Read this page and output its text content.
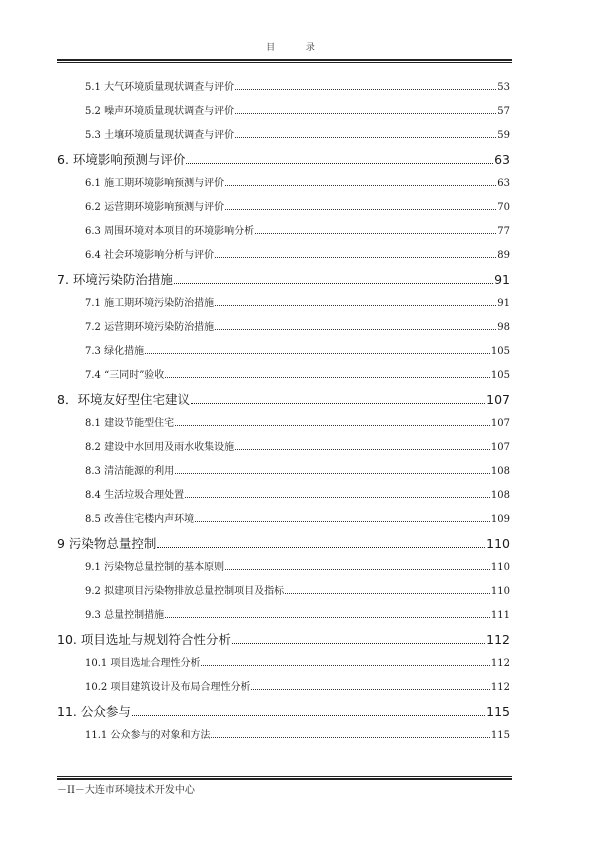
目 录
5.1 大气环境质量现状调查与评价	53
5.2 噪声环境质量现状调查与评价	57
5.3 土壤环境质量现状调查与评价	59
6. 环境影响预测与评价	63
6.1 施工期环境影响预测与评价	63
6.2 运营期环境影响预测与评价	70
6.3 周围环境对本项目的环境影响分析	77
6.4 社会环境影响分析与评价	89
7. 环境污染防治措施	91
7.1 施工期环境污染防治措施	91
7.2 运营期环境污染防治措施	98
7.3 绿化措施	105
7.4 “三同时”验收	105
8．环境友好型住宅建议	107
8.1 建设节能型住宅	107
8.2 建设中水回用及雨水收集设施	107
8.3 清洁能源的利用	108
8.4 生活垃圾合理处置	108
8.5 改善住宅楼内声环境	109
9 污染物总量控制	110
9.1 污染物总量控制的基本原则	110
9.2 拟建项目污染物排放总量控制项目及指标	110
9.3 总量控制措施	111
10. 项目选址与规划符合性分析	112
10.1 项目选址合理性分析	112
10.2 项目建筑设计及布局合理性分析	112
11. 公众参与	115
11.1 公众参与的对象和方法	115
－II－大连市环境技术开发中心
